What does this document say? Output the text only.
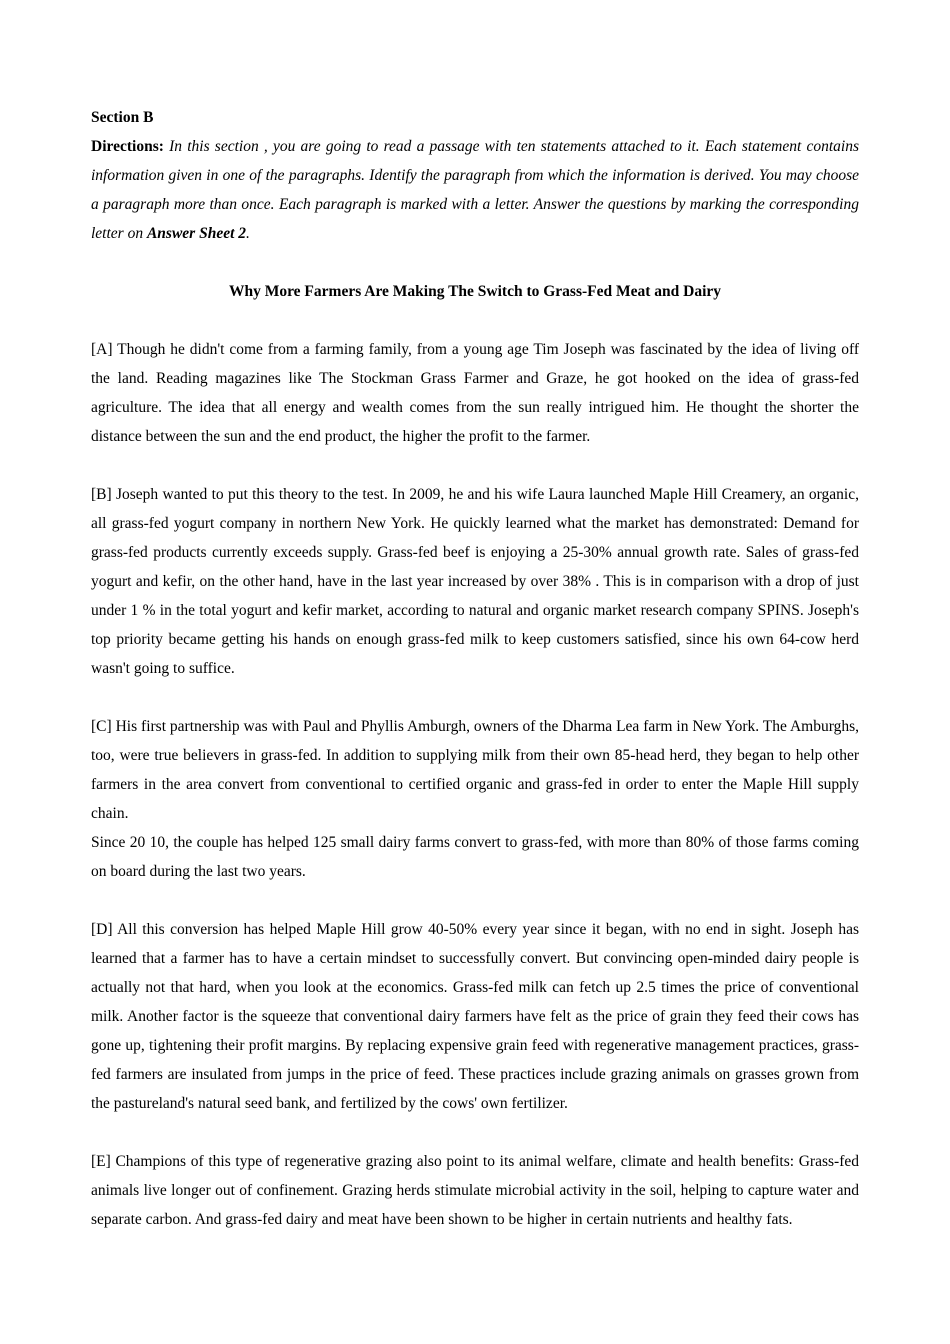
Section B

Directions: In this section , you are going to read a passage with ten statements attached to it. Each statement contains information given in one of the paragraphs. Identify the paragraph from which the information is derived. You may choose a paragraph more than once. Each paragraph is marked with a letter. Answer the questions by marking the corresponding letter on Answer Sheet 2.

Why More Farmers Are Making The Switch to Grass-Fed Meat and Dairy

[A] Though he didn't come from a farming family, from a young age Tim Joseph was fascinated by the idea of living off the land. Reading magazines like The Stockman Grass Farmer and Graze, he got hooked on the idea of grass-fed agriculture. The idea that all energy and wealth comes from the sun really intrigued him. He thought the shorter the distance between the sun and the end product, the higher the profit to the farmer.

[B] Joseph wanted to put this theory to the test. In 2009, he and his wife Laura launched Maple Hill Creamery, an organic, all grass-fed yogurt company in northern New York. He quickly learned what the market has demonstrated: Demand for grass-fed products currently exceeds supply. Grass-fed beef is enjoying a 25-30% annual growth rate. Sales of grass-fed yogurt and kefir, on the other hand, have in the last year increased by over 38% . This is in comparison with a drop of just under 1 % in the total yogurt and kefir market, according to natural and organic market research company SPINS. Joseph's top priority became getting his hands on enough grass-fed milk to keep customers satisfied, since his own 64-cow herd wasn't going to suffice.

[C] His first partnership was with Paul and Phyllis Amburgh, owners of the Dharma Lea farm in New York. The Amburghs, too, were true believers in grass-fed. In addition to supplying milk from their own 85-head herd, they began to help other farmers in the area convert from conventional to certified organic and grass-fed in order to enter the Maple Hill supply chain.

Since 20 10, the couple has helped 125 small dairy farms convert to grass-fed, with more than 80% of those farms coming on board during the last two years.

[D] All this conversion has helped Maple Hill grow 40-50% every year since it began, with no end in sight. Joseph has learned that a farmer has to have a certain mindset to successfully convert. But convincing open-minded dairy people is actually not that hard, when you look at the economics. Grass-fed milk can fetch up 2.5 times the price of conventional milk. Another factor is the squeeze that conventional dairy farmers have felt as the price of grain they feed their cows has gone up, tightening their profit margins. By replacing expensive grain feed with regenerative management practices, grass-fed farmers are insulated from jumps in the price of feed. These practices include grazing animals on grasses grown from the pastureland's natural seed bank, and fertilized by the cows' own fertilizer.

[E] Champions of this type of regenerative grazing also point to its animal welfare, climate and health benefits: Grass-fed animals live longer out of confinement. Grazing herds stimulate microbial activity in the soil, helping to capture water and separate carbon. And grass-fed dairy and meat have been shown to be higher in certain nutrients and healthy fats.
